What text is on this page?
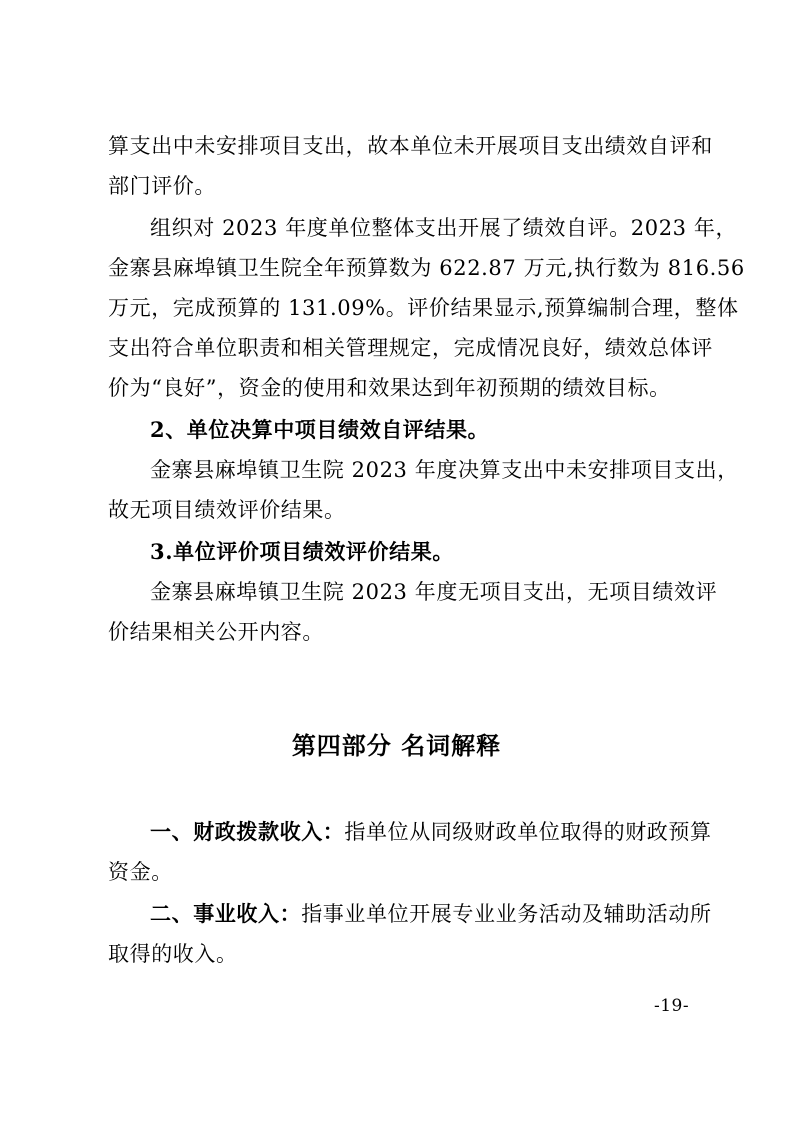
算支出中未安排项目支出，故本单位未开展项目支出绩效自评和
部门评价。
组织对 2023 年度单位整体支出开展了绩效自评。2023 年，
金寨县麻埠镇卫生院全年预算数为 622.87 万元,执行数为 816.56
万元，完成预算的 131.09%。评价结果显示,预算编制合理，整体
支出符合单位职责和相关管理规定，完成情况良好，绩效总体评
价为“良好”，资金的使用和效果达到年初预期的绩效目标。
2、单位决算中项目绩效自评结果。
金寨县麻埠镇卫生院 2023 年度决算支出中未安排项目支出，
故无项目绩效评价结果。
3.单位评价项目绩效评价结果。
金寨县麻埠镇卫生院 2023 年度无项目支出，无项目绩效评
价结果相关公开内容。
第四部分 名词解释
一、财政拨款收入：指单位从同级财政单位取得的财政预算
资金。
二、事业收入：指事业单位开展专业业务活动及辅助活动所
取得的收入。
-19-
